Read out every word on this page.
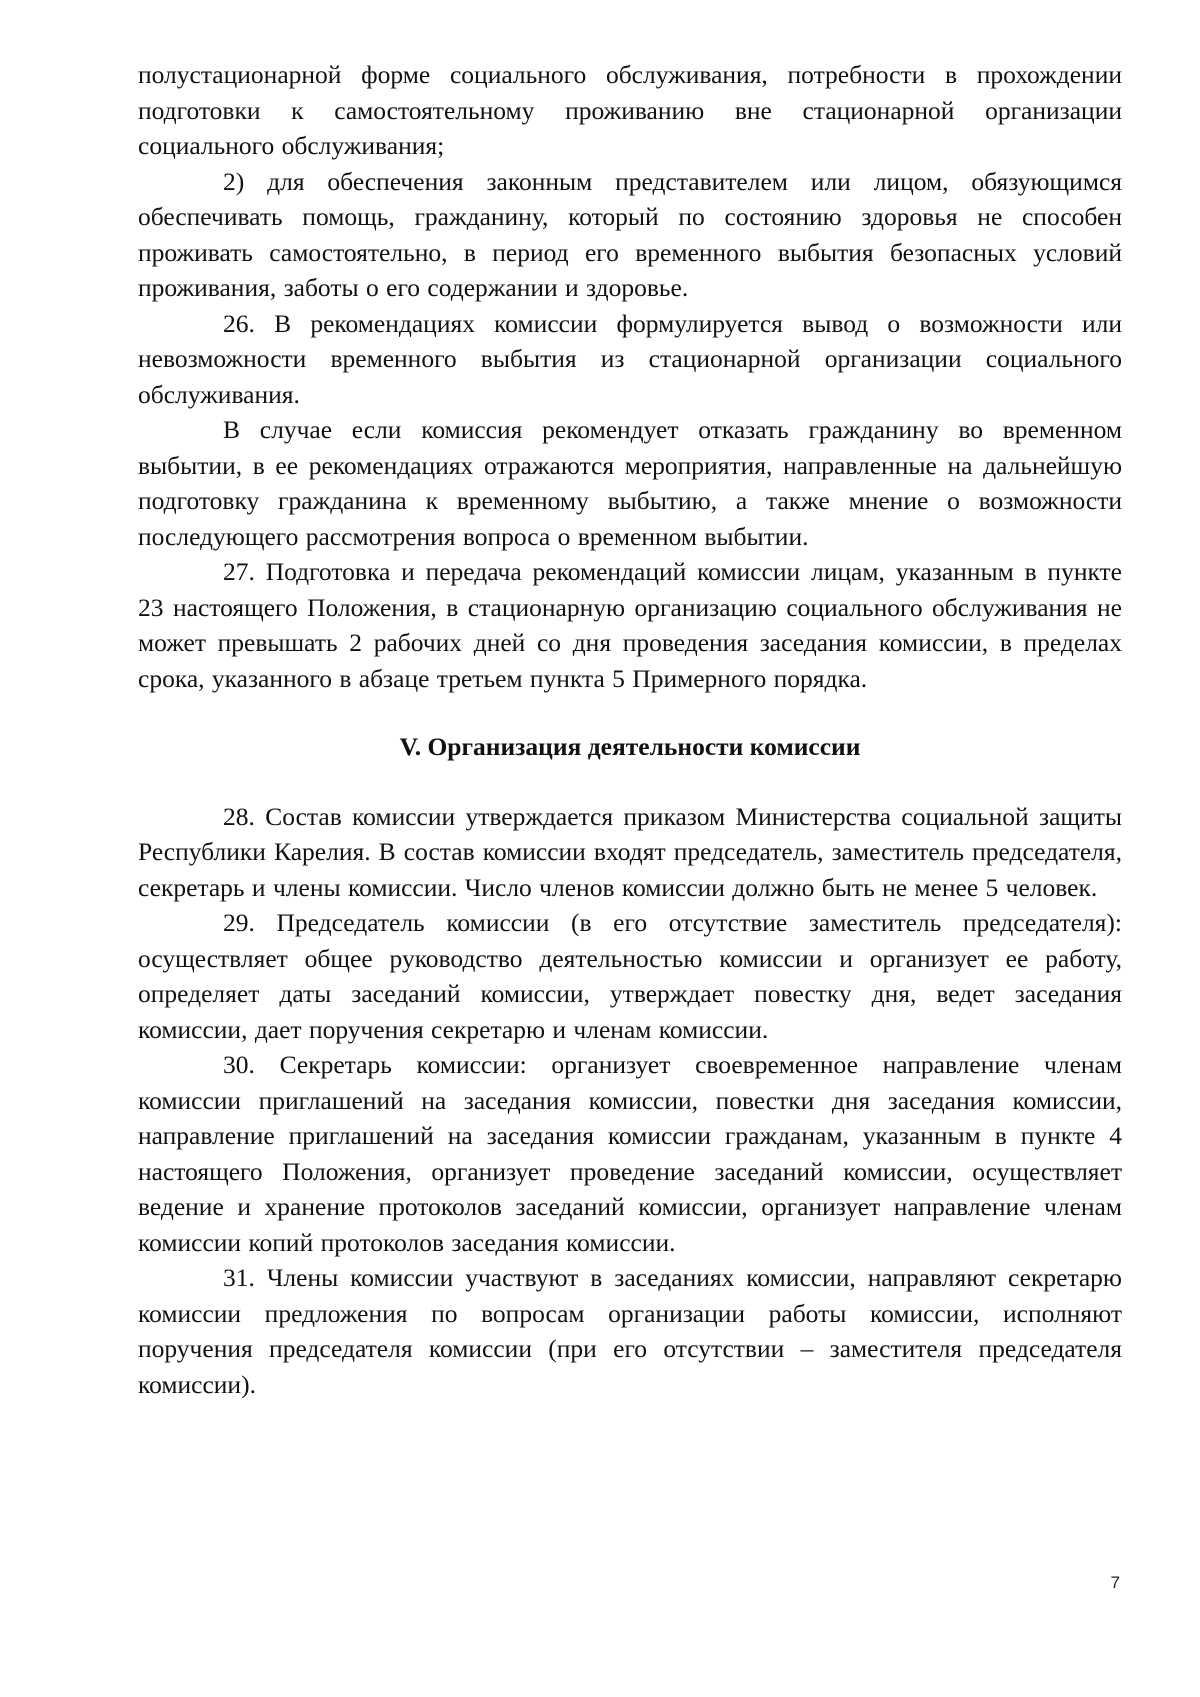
полустационарной форме социального обслуживания, потребности в прохождении подготовки к самостоятельному проживанию вне стационарной организации социального обслуживания;

2) для обеспечения законным представителем или лицом, обязующимся обеспечивать помощь, гражданину, который по состоянию здоровья не способен проживать самостоятельно, в период его временного выбытия безопасных условий проживания, заботы о его содержании и здоровье.

26. В рекомендациях комиссии формулируется вывод о возможности или невозможности временного выбытия из стационарной организации социального обслуживания.

В случае если комиссия рекомендует отказать гражданину во временном выбытии, в ее рекомендациях отражаются мероприятия, направленные на дальнейшую подготовку гражданина к временному выбытию, а также мнение о возможности последующего рассмотрения вопроса о временном выбытии.

27. Подготовка и передача рекомендаций комиссии лицам, указанным в пункте 23 настоящего Положения, в стационарную организацию социального обслуживания не может превышать 2 рабочих дней со дня проведения заседания комиссии, в пределах срока, указанного в абзаце третьем пункта 5 Примерного порядка.

V. Организация деятельности комиссии

28. Состав комиссии утверждается приказом Министерства социальной защиты Республики Карелия. В состав комиссии входят председатель, заместитель председателя, секретарь и члены комиссии. Число членов комиссии должно быть не менее 5 человек.

29. Председатель комиссии (в его отсутствие заместитель председателя): осуществляет общее руководство деятельностью комиссии и организует ее работу, определяет даты заседаний комиссии, утверждает повестку дня, ведет заседания комиссии, дает поручения секретарю и членам комиссии.

30. Секретарь комиссии: организует своевременное направление членам комиссии приглашений на заседания комиссии, повестки дня заседания комиссии, направление приглашений на заседания комиссии гражданам, указанным в пункте 4 настоящего Положения, организует проведение заседаний комиссии, осуществляет ведение и хранение протоколов заседаний комиссии, организует направление членам комиссии копий протоколов заседания комиссии.

31. Члены комиссии участвуют в заседаниях комиссии, направляют секретарю комиссии предложения по вопросам организации работы комиссии, исполняют поручения председателя комиссии (при его отсутствии – заместителя председателя комиссии).

7
